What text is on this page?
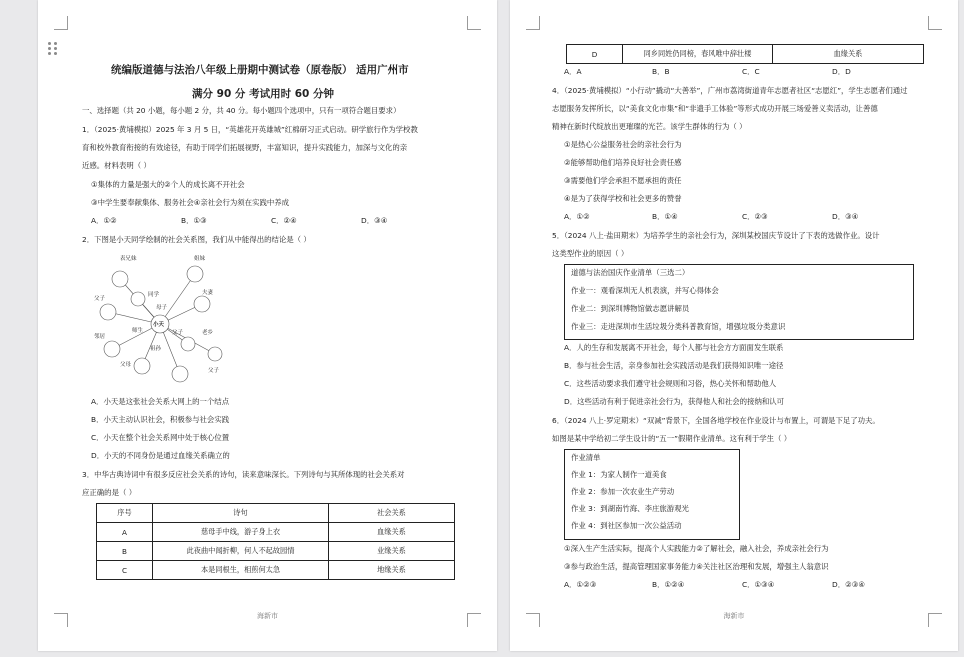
统编版道德与法治八年级上册期中测试卷（原卷版） 适用广州市
满分 90 分 考试用时 60 分钟
一、选择题（共 20 小题，每小题 2 分，共 40 分。每小题四个选项中，只有一项符合题目要求）
1．（2025·黄埔模拟）2025 年 3 月 5 日，“英雄花开英雄城”红棉研习正式启动。研学旅行作为学校教
育和校外教育衔接的有效途径，有助于同学们拓展视野，丰富知识，提升实践能力，加深与文化的亲
近感。材料表明（ ）
①集体的力量是强大的②个人的成长离不开社会
③中学生要奉献集体、服务社会④亲社会行为须在实践中养成
A．①②	B．①③	C．②④	D．③④
2．下图是小天同学绘制的社会关系图，我们从中能得出的结论是（ ）
表兄妹	姐妹
同学
母子
夫妻
父子
师生	父子	老乡
邻居
祖孙
父母
父子
小天
A．小天是这张社会关系大网上的一个结点
B．小天主动认识社会，积极参与社会实践
C．小天在整个社会关系网中处于核心位置
D．小天的不同身份是通过血缘关系确立的
3．中华古典诗词中有很多反应社会关系的诗句，读来意味深长。下列诗句与其所体现的社会关系对
应正确的是（ ）
序号	诗句	社会关系
A	慈母手中线，游子身上衣	血缘关系
B	此夜曲中闻折柳，何人不起故园情	业缘关系
C	本是同根生，相煎何太急	地缘关系
海新市
D	同乡同姓仍同榜，春风唯中辞壮楼	血缘关系
A．A	B．B	C．C	D．D
4．（2025·黄埔模拟）“小行动”撬动“大善举”，广州市荔湾街道青年志愿者社区“志愿红”，学生志愿者们通过
志愿服务发挥所长，以“美食文化市集”和“非遗手工体验”等形式成功开展三场爱善义卖活动，让善德
精神在新时代绽放出更璀璨的光芒。该学生群体的行为（ ）
①是热心公益服务社会的亲社会行为
②能够帮助他们培养良好社会责任感
③需要他们学会承担不愿承担的责任
④是为了获得学校和社会更多的赞誉
A．①②	B．①④	C．②③	D．③④
5．（2024 八上·盐田期末）为培养学生的亲社会行为，深圳某校国庆节设计了下表的选做作业。设计
这类型作业的原因（ ）
道德与法治国庆作业清单（三选二）
作业一：观看深圳无人机表演，并写心得体会
作业二：到深圳博物馆做志愿讲解员
作业三：走进深圳市生活垃圾分类科普教育馆，增强垃圾分类意识
A．人的生存和发展离不开社会，每个人都与社会方方面面发生联系
B．参与社会生活，亲身参加社会实践活动是我们获得知识唯一途径
C．这些活动要求我们遵守社会规则和习俗，热心关怀和帮助他人
D．这些活动有利于促进亲社会行为，获得他人和社会的接纳和认可
6．（2024 八上·罗定期末）“双减”背景下，全国各地学校在作业设计与布置上，可谓是下足了功夫。
如图是某中学给初二学生设计的“五一”假期作业清单。这有利于学生（ ）
作业清单
作业 1：为家人制作一道美食
作业 2：参加一次农业生产劳动
作业 3：到湖南竹海、李庄旅游观光
作业 4：到社区参加一次公益活动
①深入生产生活实际，提高个人实践能力②了解社会，融入社会，养成亲社会行为
③参与政治生活，提高管理国家事务能力④关注社区治理和发展，增强主人翁意识
A．①②③	B．①②④	C．①③④	D．②③④
海新市
